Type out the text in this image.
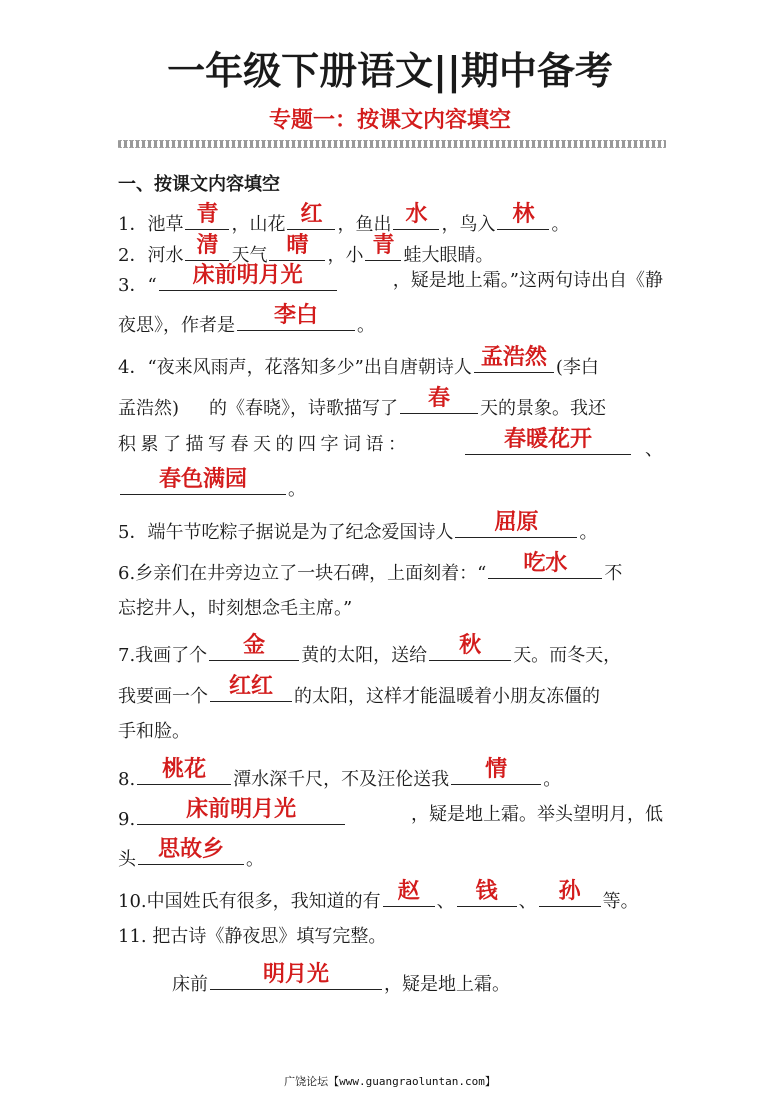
一年级下册语文||期中备考
专题一：按课文内容填空
一、按课文内容填空
1．池草 青 ，山花 红 ，鱼出 水 ，鸟入 林 。
2．河水 清 天气 晴	，小 青 蛙大眼睛。
3．“	床前明月光	，疑是地上霜。”这两句诗出自《静
夜思》，作者是	李白	。
4．“夜来风雨声，花落知多少”出自唐朝诗人 孟浩然 (李白
孟浩然) 的《春晓》，诗歌描写了	春	天的景象。我还
积累了描写春天的四字词语：	春暖花开	、
春色满园	。
5．端午节吃粽子据说是为了纪念爱国诗人	屈原	。
6.乡亲们在井旁边立了一块石碑，上面刻着：“	吃水	不
忘挖井人，时刻想念毛主席。”
7.我画了个	金	黄的太阳，送给	秋	天。而冬天，
我要画一个 红红	的太阳，这样才能温暖着小朋友冻僵的
手和脸。
8.	桃花	潭水深千尺，不及汪伦送我	情	。
9.	床前明月光	，疑是地上霜。举头望明月，低
头 思故乡	。
10.中国姓氏有很多，我知道的有 赵 、 钱	、 孙	等。
11. 把古诗《静夜思》填写完整。
床前	明月光	，疑是地上霜。
广饶论坛【www.guangraoluntan.com】
